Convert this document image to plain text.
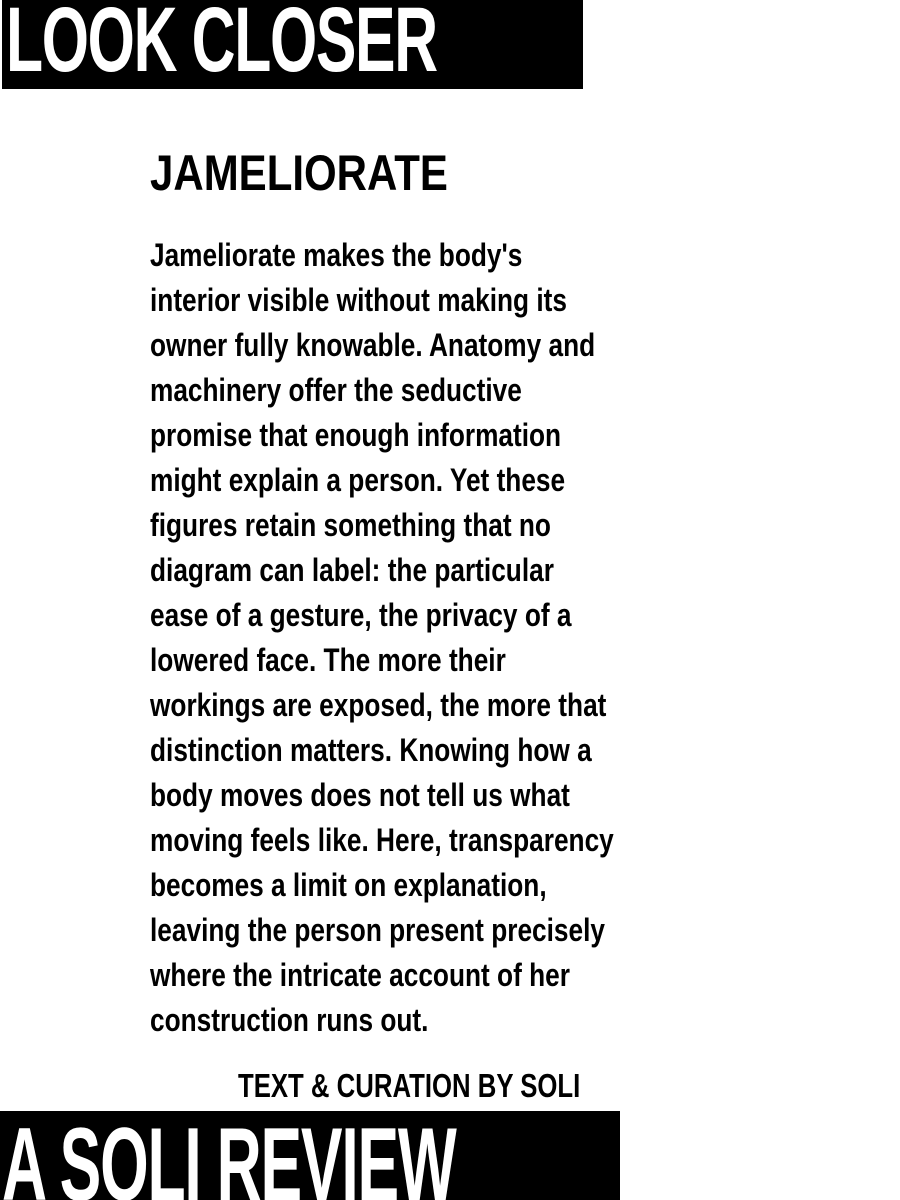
LOOK CLOSER
JAMELIORATE
Jameliorate makes the body's
interior visible without making its
owner fully knowable. Anatomy and
machinery offer the seductive
promise that enough information
might explain a person. Yet these
figures retain something that no
diagram can label: the particular
ease of a gesture, the privacy of a
lowered face. The more their
workings are exposed, the more that
distinction matters. Knowing how a
body moves does not tell us what
moving feels like. Here, transparency
becomes a limit on explanation,
leaving the person present precisely
where the intricate account of her
construction runs out.
TEXT & CURATION BY SOLI
A SOLI REVIEW
